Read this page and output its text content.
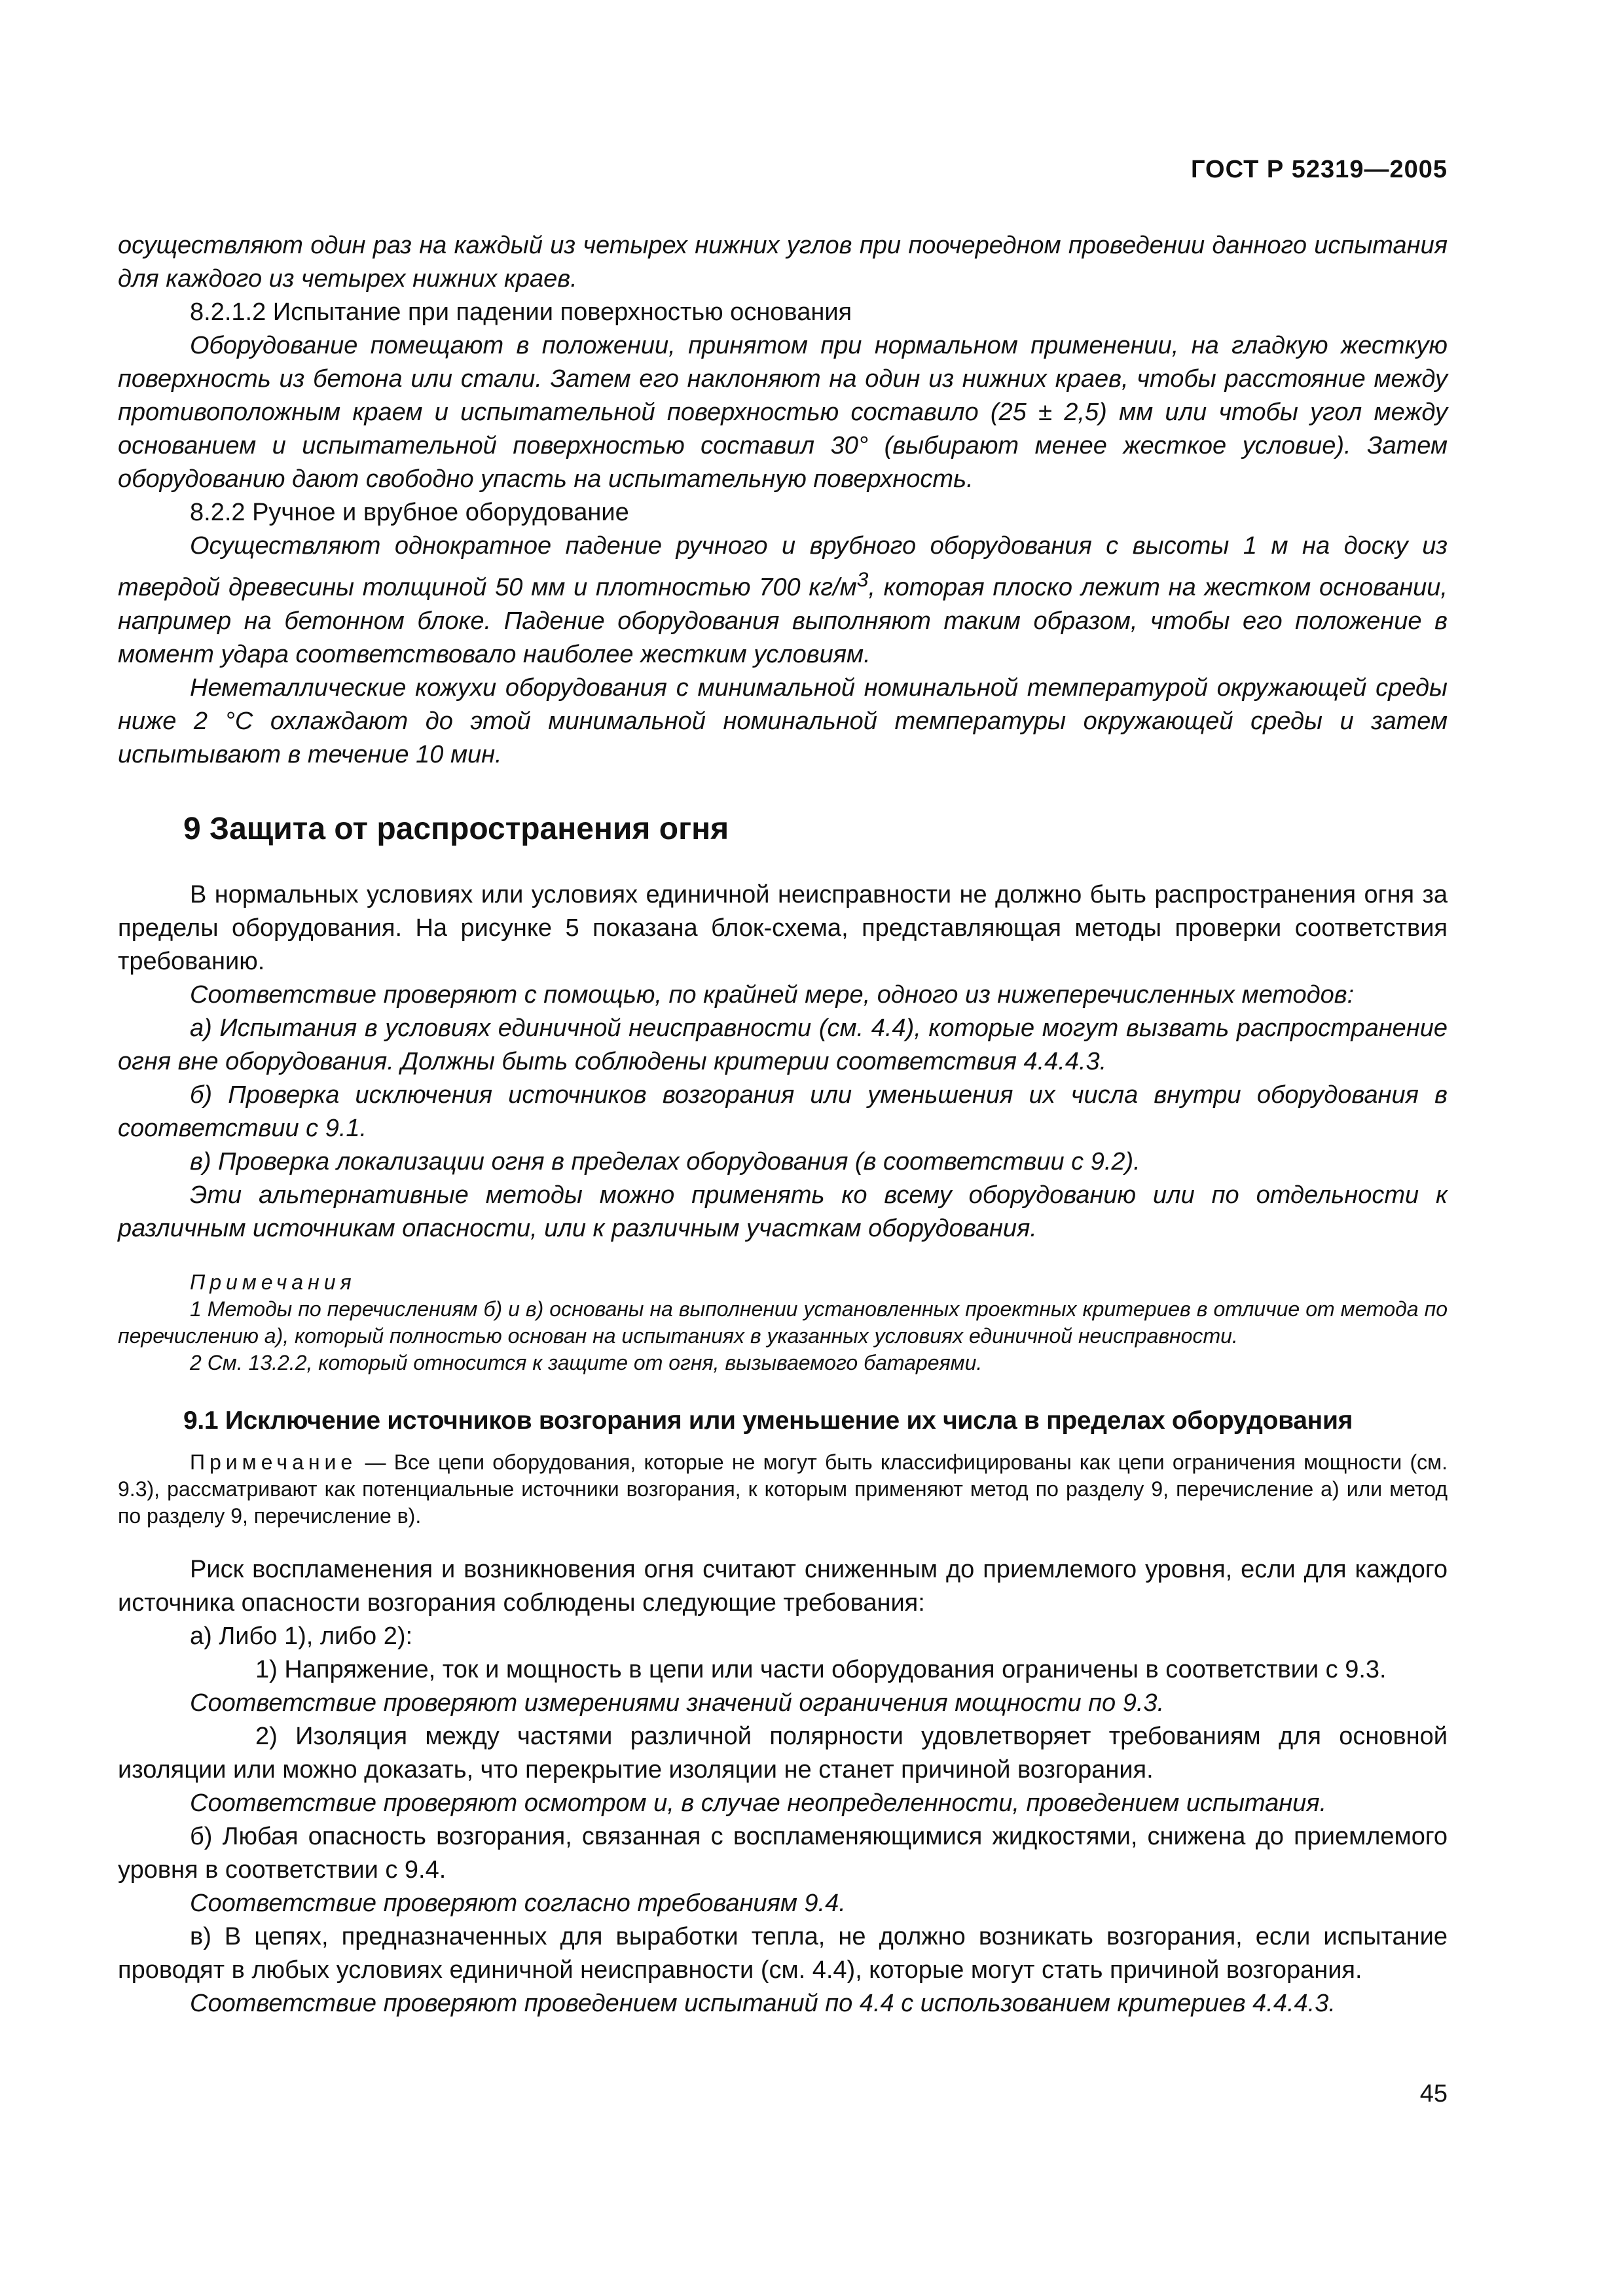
ГОСТ Р 52319—2005

осуществляют один раз на каждый из четырех нижних углов при поочередном проведении данного испытания для каждого из четырех нижних краев.

8.2.1.2 Испытание при падении поверхностью основания

Оборудование помещают в положении, принятом при нормальном применении, на гладкую жесткую поверхность из бетона или стали. Затем его наклоняют на один из нижних краев, чтобы расстояние между противоположным краем и испытательной поверхностью составило (25 ± 2,5) мм или чтобы угол между основанием и испытательной поверхностью составил 30° (выбирают менее жесткое условие). Затем оборудованию дают свободно упасть на испытательную поверхность.

8.2.2 Ручное и врубное оборудование

Осуществляют однократное падение ручного и врубного оборудования с высоты 1 м на доску из твердой древесины толщиной 50 мм и плотностью 700 $кг/м^3$, которая плоско лежит на жестком основании, например на бетонном блоке. Падение оборудования выполняют таким образом, чтобы его положение в момент удара соответствовало наиболее жестким условиям.

Неметаллические кожухи оборудования с минимальной номинальной температурой окружающей среды ниже 2 °С охлаждают до этой минимальной номинальной температуры окружающей среды и затем испытывают в течение 10 мин.

9 Защита от распространения огня

В нормальных условиях или условиях единичной неисправности не должно быть распространения огня за пределы оборудования. На рисунке 5 показана блок-схема, представляющая методы проверки соответствия требованию.

Соответствие проверяют с помощью, по крайней мере, одного из нижеперечисленных методов:

а) Испытания в условиях единичной неисправности (см. 4.4), которые могут вызвать распространение огня вне оборудования. Должны быть соблюдены критерии соответствия 4.4.4.3.

б) Проверка исключения источников возгорания или уменьшения их числа внутри оборудования в соответствии с 9.1.

в) Проверка локализации огня в пределах оборудования (в соответствии с 9.2).

Эти альтернативные методы можно применять ко всему оборудованию или по отдельности к различным источникам опасности, или к различным участкам оборудования.

Примечания

1 Методы по перечислениям б) и в) основаны на выполнении установленных проектных критериев в отличие от метода по перечислению а), который полностью основан на испытаниях в указанных условиях единичной неисправности.

2 См. 13.2.2, который относится к защите от огня, вызываемого батареями.

9.1 Исключение источников возгорания или уменьшение их числа в пределах оборудования

Примечание — Все цепи оборудования, которые не могут быть классифицированы как цепи ограничения мощности (см. 9.3), рассматривают как потенциальные источники возгорания, к которым применяют метод по разделу 9, перечисление а) или метод по разделу 9, перечисление в).

Риск воспламенения и возникновения огня считают сниженным до приемлемого уровня, если для каждого источника опасности возгорания соблюдены следующие требования:

а) Либо 1), либо 2):

1) Напряжение, ток и мощность в цепи или части оборудования ограничены в соответствии с 9.3.

Соответствие проверяют измерениями значений ограничения мощности по 9.3.

2) Изоляция между частями различной полярности удовлетворяет требованиям для основной изоляции или можно доказать, что перекрытие изоляции не станет причиной возгорания.

Соответствие проверяют осмотром и, в случае неопределенности, проведением испытания.

б) Любая опасность возгорания, связанная с воспламеняющимися жидкостями, снижена до приемлемого уровня в соответствии с 9.4.

Соответствие проверяют согласно требованиям 9.4.

в) В цепях, предназначенных для выработки тепла, не должно возникать возгорания, если испытание проводят в любых условиях единичной неисправности (см. 4.4), которые могут стать причиной возгорания.

Соответствие проверяют проведением испытаний по 4.4 с использованием критериев 4.4.4.3.

45
